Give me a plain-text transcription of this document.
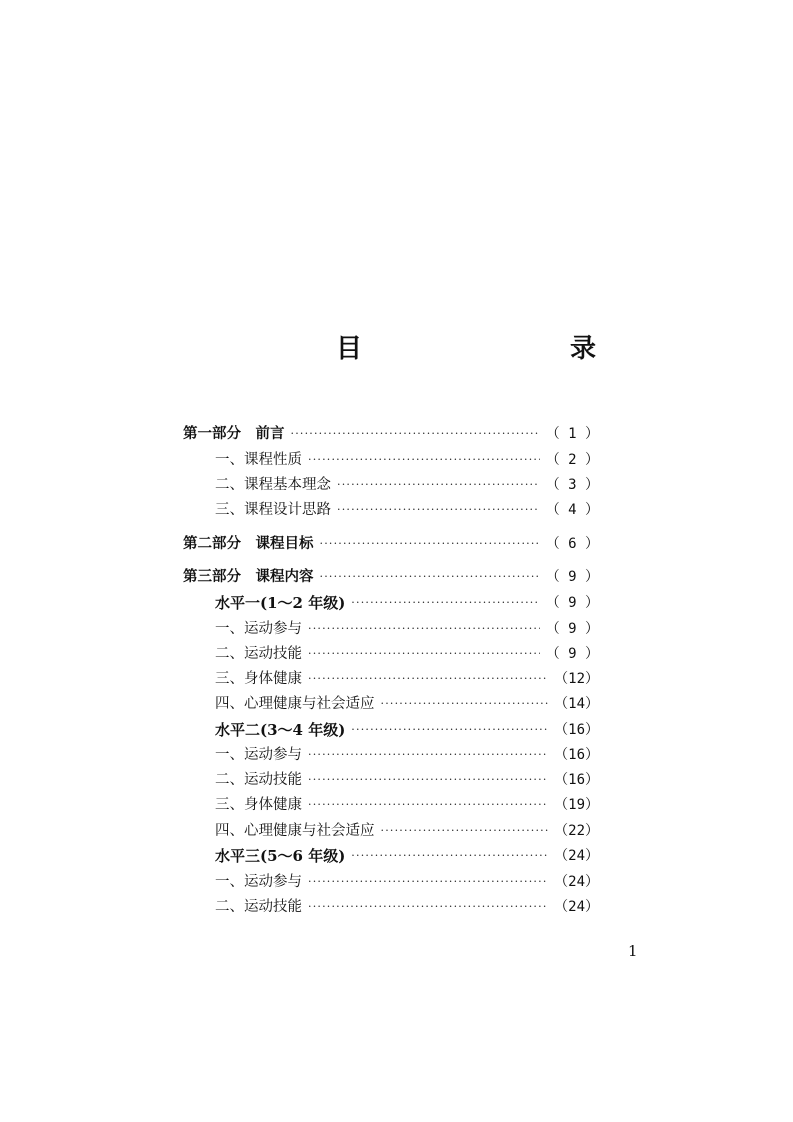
目　　录
第一部分　前言 ·····	（ 1 ）
一、课程性质 ·····	（ 2 ）
二、课程基本理念 ·····	（ 3 ）
三、课程设计思路 ·····	（ 4 ）
第二部分　课程目标 ·····	（ 6 ）
第三部分　课程内容 ·····	（ 9 ）
水平一(1～2 年级) ·····	（ 9 ）
一、运动参与 ·····	（ 9 ）
二、运动技能 ·····	（ 9 ）
三、身体健康 ·····	（12）
四、心理健康与社会适应 ·····	（14）
水平二(3～4 年级) ·····	（16）
一、运动参与 ·····	（16）
二、运动技能 ·····	（16）
三、身体健康 ·····	（19）
四、心理健康与社会适应 ·····	（22）
水平三(5～6 年级) ·····	（24）
一、运动参与 ·····	（24）
二、运动技能 ·····	（24）
1
